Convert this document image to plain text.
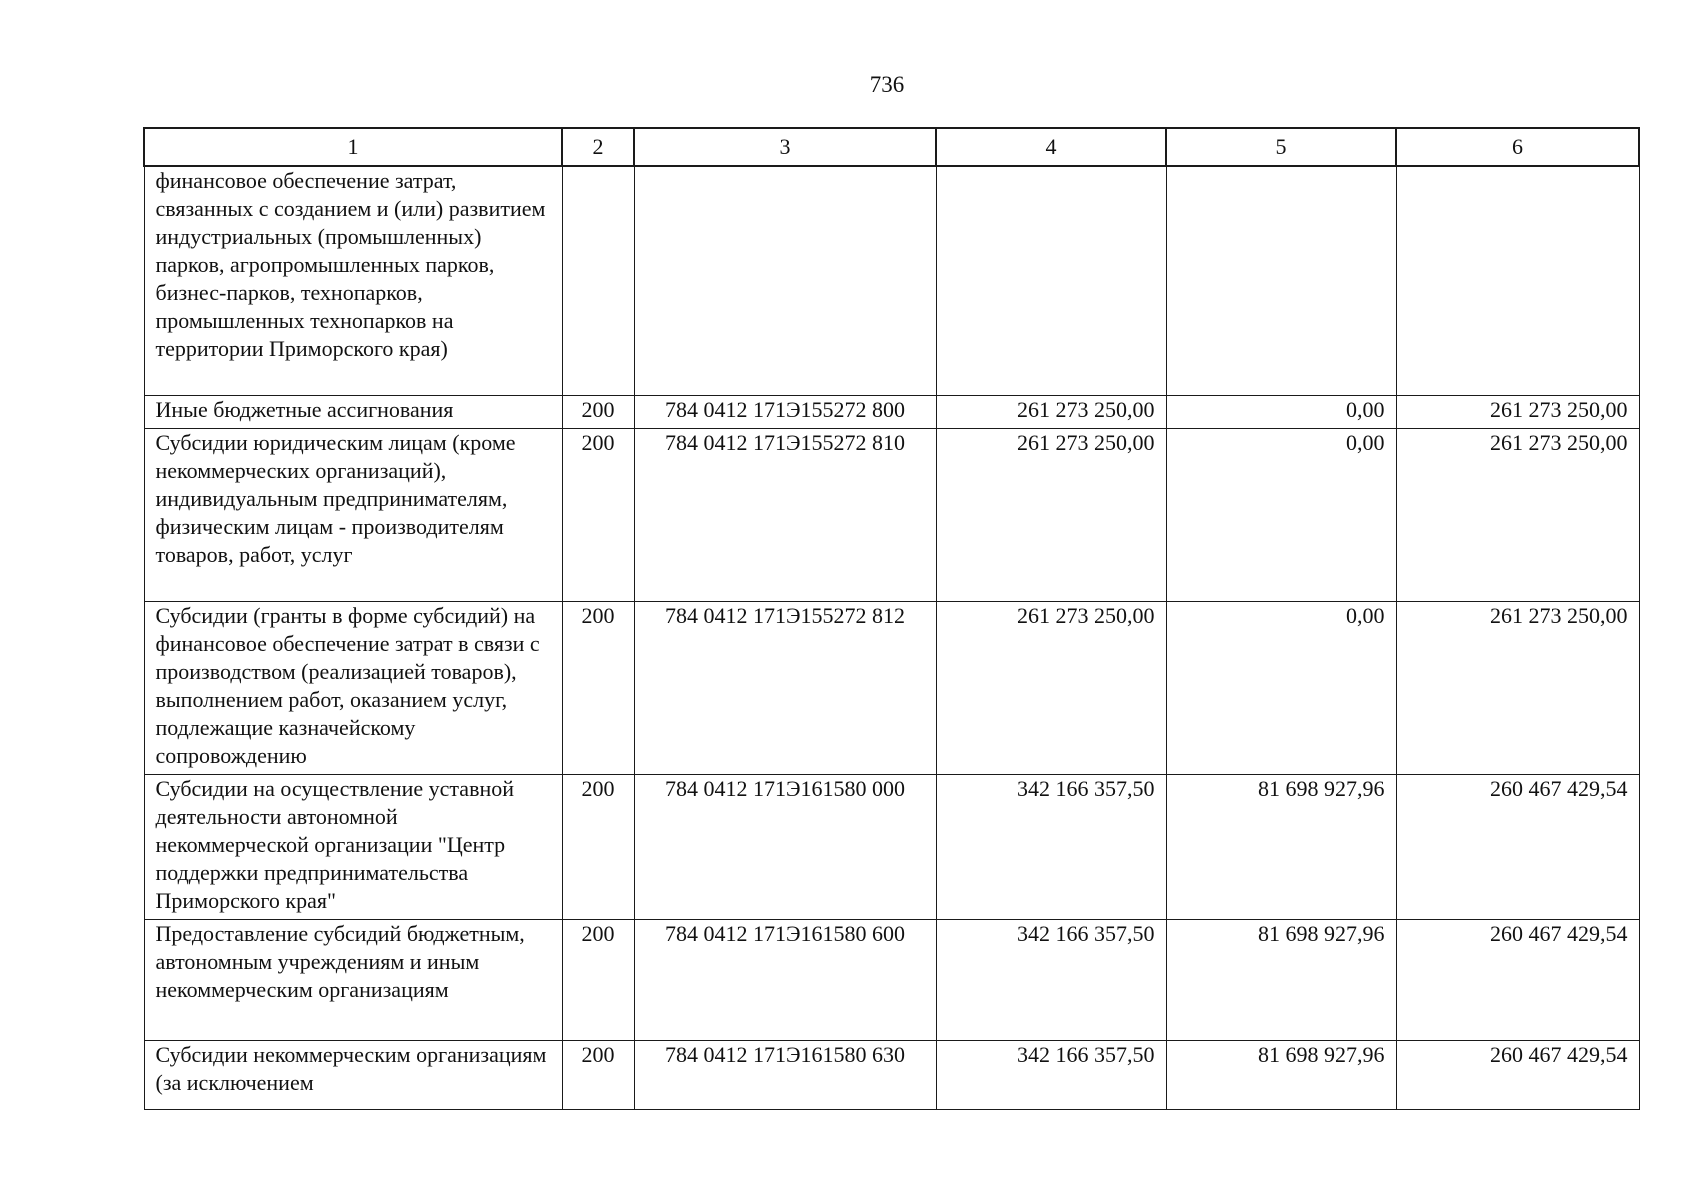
736
1	2	3	4	5	6
финансовое обеспечение затрат, связанных с созданием и (или) развитием индустриальных (промышленных) парков, агропромышленных парков, бизнес-парков, технопарков, промышленных технопарков на территории Приморского края)					
Иные бюджетные ассигнования	200	784 0412 171Э155272 800	261 273 250,00	0,00	261 273 250,00
Субсидии юридическим лицам (кроме некоммерческих организаций), индивидуальным предпринимателям, физическим лицам - производителям товаров, работ, услуг	200	784 0412 171Э155272 810	261 273 250,00	0,00	261 273 250,00
Субсидии (гранты в форме субсидий) на финансовое обеспечение затрат в связи с производством (реализацией товаров), выполнением работ, оказанием услуг, подлежащие казначейскому сопровождению	200	784 0412 171Э155272 812	261 273 250,00	0,00	261 273 250,00
Субсидии на осуществление уставной деятельности автономной некоммерческой организации "Центр поддержки предпринимательства Приморского края"	200	784 0412 171Э161580 000	342 166 357,50	81 698 927,96	260 467 429,54
Предоставление субсидий бюджетным, автономным учреждениям и иным некоммерческим организациям	200	784 0412 171Э161580 600	342 166 357,50	81 698 927,96	260 467 429,54
Субсидии некоммерческим организациям (за исключением	200	784 0412 171Э161580 630	342 166 357,50	81 698 927,96	260 467 429,54
